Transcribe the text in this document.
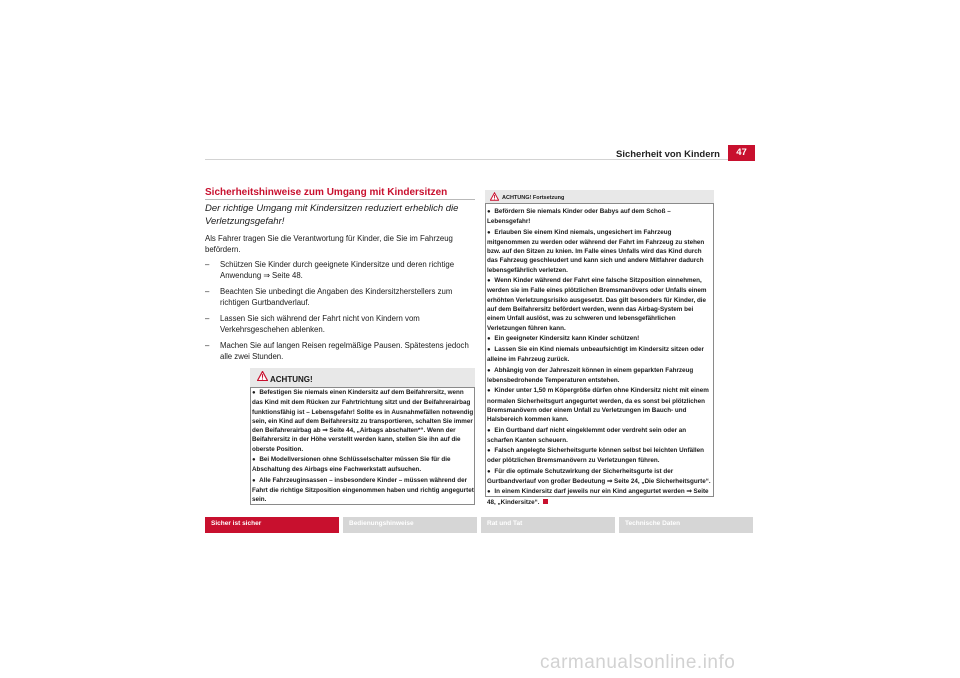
Sicherheit von Kindern	47
Sicherheitshinweise zum Umgang mit Kindersitzen
Der richtige Umgang mit Kindersitzen reduziert erheblich die Verletzungsgefahr!
Als Fahrer tragen Sie die Verantwortung für Kinder, die Sie im Fahrzeug befördern.
– Schützen Sie Kinder durch geeignete Kindersitze und deren richtige Anwendung ⇒ Seite 48.
– Beachten Sie unbedingt die Angaben des Kindersitzherstellers zum richtigen Gurtbandverlauf.
– Lassen Sie sich während der Fahrt nicht von Kindern vom Verkehrsgeschehen ablenken.
– Machen Sie auf langen Reisen regelmäßige Pausen. Spätestens jedoch alle zwei Stunden.
ACHTUNG!
● Befestigen Sie niemals einen Kindersitz auf dem Beifahrersitz, wenn das Kind mit dem Rücken zur Fahrtrichtung sitzt und der Beifahrerairbag funktionsfähig ist – Lebensgefahr! Sollte es in Ausnahmefällen notwendig sein, ein Kind auf dem Beifahrersitz zu transportieren, schalten Sie immer den Beifahrerairbag ab ⇒ Seite 44, „Airbags abschalten*“. Wenn der Beifahrersitz in der Höhe verstellt werden kann, stellen Sie ihn auf die oberste Position.
● Bei Modellversionen ohne Schlüsselschalter müssen Sie für die Abschaltung des Airbags eine Fachwerkstatt aufsuchen.
● Alle Fahrzeuginsassen – insbesondere Kinder – müssen während der Fahrt die richtige Sitzposition eingenommen haben und richtig angegurtet sein.
ACHTUNG! Fortsetzung
● Befördern Sie niemals Kinder oder Babys auf dem Schoß – Lebensgefahr!
● Erlauben Sie einem Kind niemals, ungesichert im Fahrzeug mitgenommen zu werden oder während der Fahrt im Fahrzeug zu stehen bzw. auf den Sitzen zu knien. Im Falle eines Unfalls wird das Kind durch das Fahrzeug geschleudert und kann sich und andere Mitfahrer dadurch lebensgefährlich verletzen.
● Wenn Kinder während der Fahrt eine falsche Sitzposition einnehmen, werden sie im Falle eines plötzlichen Bremsmanövers oder Unfalls einem erhöhten Verletzungsrisiko ausgesetzt. Das gilt besonders für Kinder, die auf dem Beifahrersitz befördert werden, wenn das Airbag-System bei einem Unfall auslöst, was zu schweren und lebensgefährlichen Verletzungen führen kann.
● Ein geeigneter Kindersitz kann Kinder schützen!
● Lassen Sie ein Kind niemals unbeaufsichtigt im Kindersitz sitzen oder alleine im Fahrzeug zurück.
● Abhängig von der Jahreszeit können in einem geparkten Fahrzeug lebensbedrohende Temperaturen entstehen.
● Kinder unter 1,50 m Köpergröße dürfen ohne Kindersitz nicht mit einem normalen Sicherheitsgurt angegurtet werden, da es sonst bei plötzlichen Bremsmanövern oder einem Unfall zu Verletzungen im Bauch- und Halsbereich kommen kann.
● Ein Gurtband darf nicht eingeklemmt oder verdreht sein oder an scharfen Kanten scheuern.
● Falsch angelegte Sicherheitsgurte können selbst bei leichten Unfällen oder plötzlichen Bremsmanövern zu Verletzungen führen.
● Für die optimale Schutzwirkung der Sicherheitsgurte ist der Gurtbandverlauf von großer Bedeutung ⇒ Seite 24, „Die Sicherheitsgurte“.
● In einem Kindersitz darf jeweils nur ein Kind angegurtet werden ⇒ Seite 48, „Kindersitze“.
Sicher ist sicher	Bedienungshinweise	Rat und Tat	Technische Daten
carmanualsonline.info
